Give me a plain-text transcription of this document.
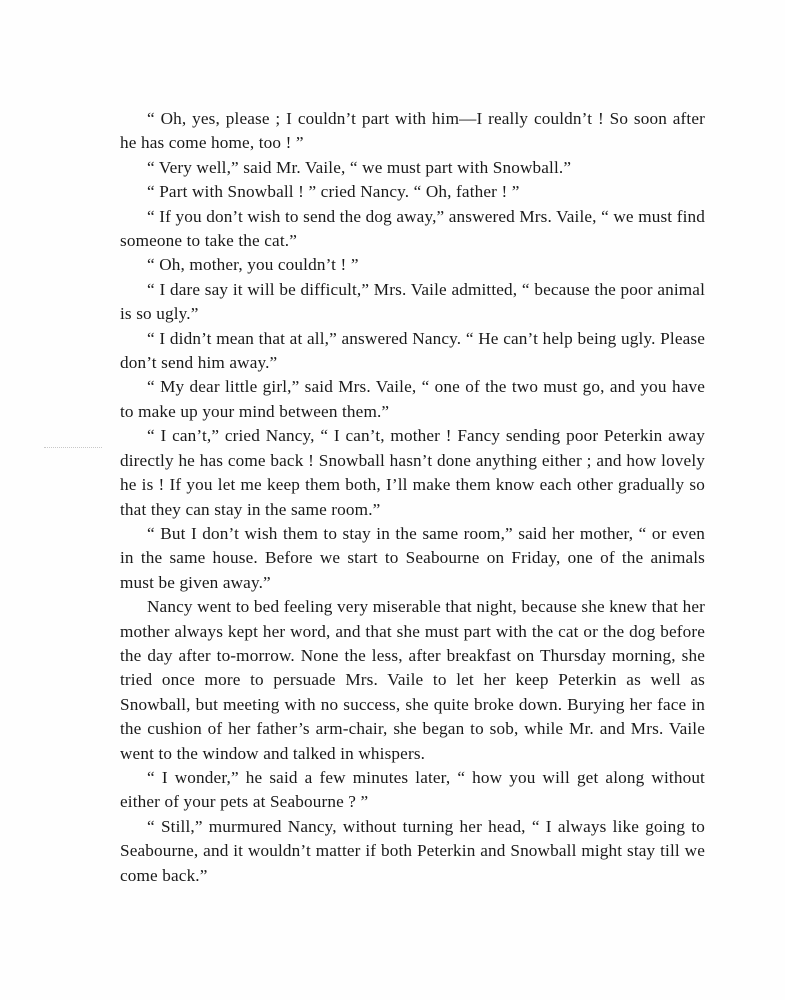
“ Oh, yes, please ; I couldn’t part with him—I really couldn’t ! So soon after he has come home, too ! ”

“ Very well,” said Mr. Vaile, “ we must part with Snowball.”

“ Part with Snowball ! ” cried Nancy. “ Oh, father ! ”

“ If you don’t wish to send the dog away,” answered Mrs. Vaile, “ we must find someone to take the cat.”

“ Oh, mother, you couldn’t ! ”

“ I dare say it will be difficult,” Mrs. Vaile admitted, “ because the poor animal is so ugly.”

“ I didn’t mean that at all,” answered Nancy. “ He can’t help being ugly. Please don’t send him away.”

“ My dear little girl,” said Mrs. Vaile, “ one of the two must go, and you have to make up your mind between them.”

“ I can’t,” cried Nancy, “ I can’t, mother ! Fancy sending poor Peterkin away directly he has come back ! Snowball hasn’t done anything either ; and how lovely he is ! If you let me keep them both, I’ll make them know each other gradually so that they can stay in the same room.”

“ But I don’t wish them to stay in the same room,” said her mother, “ or even in the same house. Before we start to Seabourne on Friday, one of the animals must be given away.”

Nancy went to bed feeling very miserable that night, because she knew that her mother always kept her word, and that she must part with the cat or the dog before the day after to-morrow. None the less, after breakfast on Thursday morning, she tried once more to persuade Mrs. Vaile to let her keep Peterkin as well as Snowball, but meeting with no success, she quite broke down. Burying her face in the cushion of her father’s arm-chair, she began to sob, while Mr. and Mrs. Vaile went to the window and talked in whispers.

“ I wonder,” he said a few minutes later, “ how you will get along without either of your pets at Seabourne ? ”

“ Still,” murmured Nancy, without turning her head, “ I always like going to Seabourne, and it wouldn’t matter if both Peterkin and Snowball might stay till we come back.”
